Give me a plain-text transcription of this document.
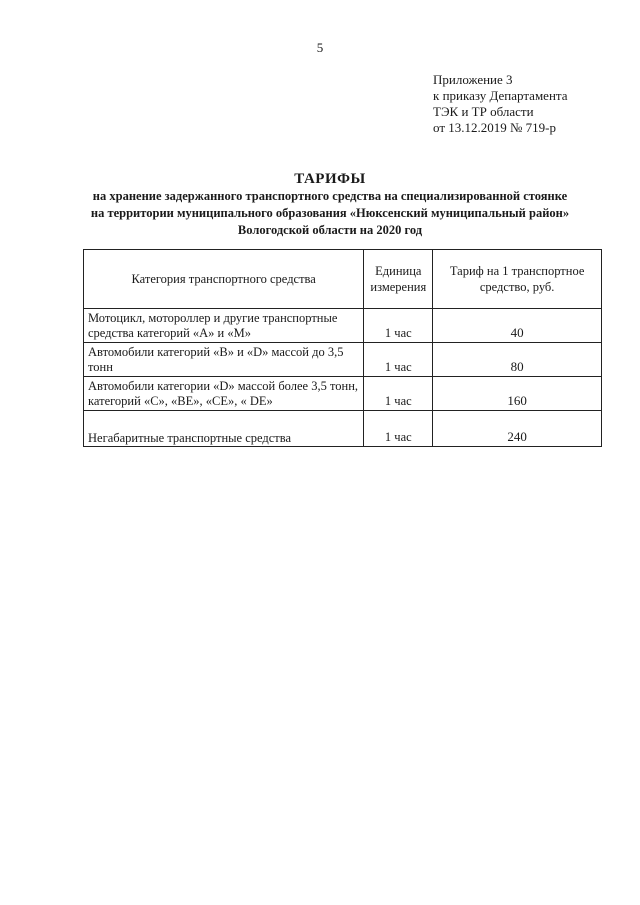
5
Приложение 3
к приказу Департамента
ТЭК и ТР области
от 13.12.2019 № 719-р
ТАРИФЫ
на хранение задержанного транспортного средства на специализированной стоянке
на территории муниципального образования «Нюксенский муниципальный район»
Вологодской области на 2020 год
Категория транспортного средства	Единица измерения	Тариф на 1 транспортное средство, руб.
Мотоцикл, мотороллер и другие транспортные средства категорий «А» и «М»	1 час	40
Автомобили категорий «В» и «D» массой до 3,5 тонн	1 час	80
Автомобили категории «D» массой более 3,5 тонн, категорий «С», «ВЕ», «СЕ», « DЕ»	1 час	160
Негабаритные транспортные средства	1 час	240
